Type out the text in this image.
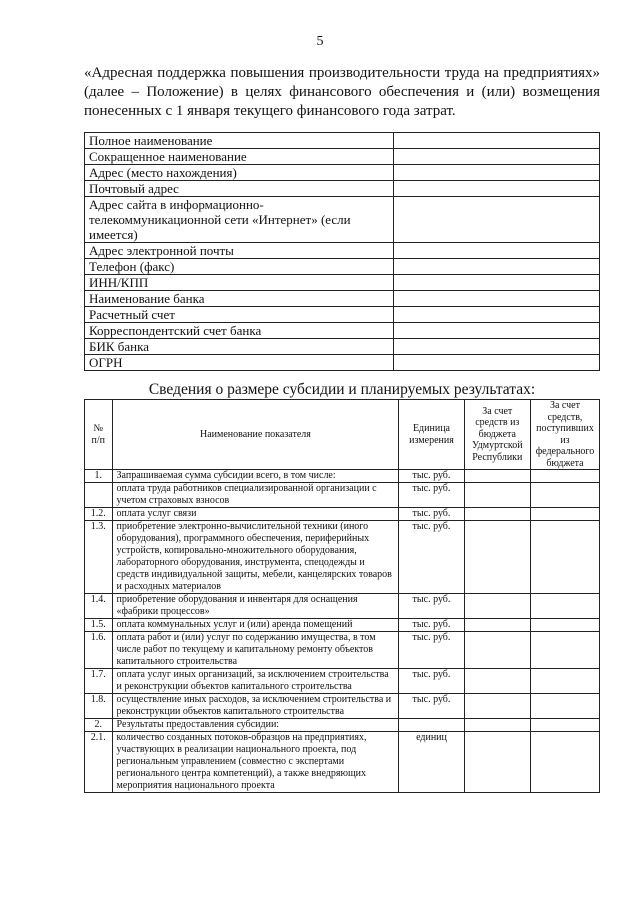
5
«Адресная поддержка повышения производительности труда на предприятиях» (далее – Положение) в целях финансового обеспечения и (или) возмещения понесенных с 1 января текущего финансового года затрат.
Полное наименование	
Сокращенное наименование	
Адрес (место нахождения)	
Почтовый адрес	
Адрес сайта в информационно-телекоммуникационной сети «Интернет» (если имеется)	
Адрес электронной почты	
Телефон (факс)	
ИНН/КПП	
Наименование банка	
Расчетный счет	
Корреспондентский счет банка	
БИК банка	
ОГРН	
Сведения о размере субсидии и планируемых результатах:
№ п/п	Наименование показателя	Единица измерения	За счет средств из бюджета Удмуртской Республики	За счет средств, поступивших из федерального бюджета
1.	Запрашиваемая сумма субсидии всего, в том числе:	тыс. руб.		
	оплата труда работников специализированной организации с учетом страховых взносов	тыс. руб.		
1.2.	оплата услуг связи	тыс. руб.		
1.3.	приобретение электронно-вычислительной техники (иного оборудования), программного обеспечения, периферийных устройств, копировально-множительного оборудования, лабораторного оборудования, инструмента, спецодежды и средств индивидуальной защиты, мебели, канцелярских товаров и расходных материалов	тыс. руб.		
1.4.	приобретение оборудования и инвентаря для оснащения «фабрики процессов»	тыс. руб.		
1.5.	оплата коммунальных услуг и (или) аренда помещений	тыс. руб.		
1.6.	оплата работ и (или) услуг по содержанию имущества, в том числе работ по текущему и капитальному ремонту объектов капитального строительства	тыс. руб.		
1.7.	оплата услуг иных организаций, за исключением строительства и реконструкции объектов капитального строительства	тыс. руб.		
1.8.	осуществление иных расходов, за исключением строительства и реконструкции объектов капитального строительства	тыс. руб.		
2.	Результаты предоставления субсидии:			
2.1.	количество созданных потоков-образцов на предприятиях, участвующих в реализации национального проекта, под региональным управлением (совместно с экспертами регионального центра компетенций), а также внедряющих мероприятия национального проекта	единиц		
